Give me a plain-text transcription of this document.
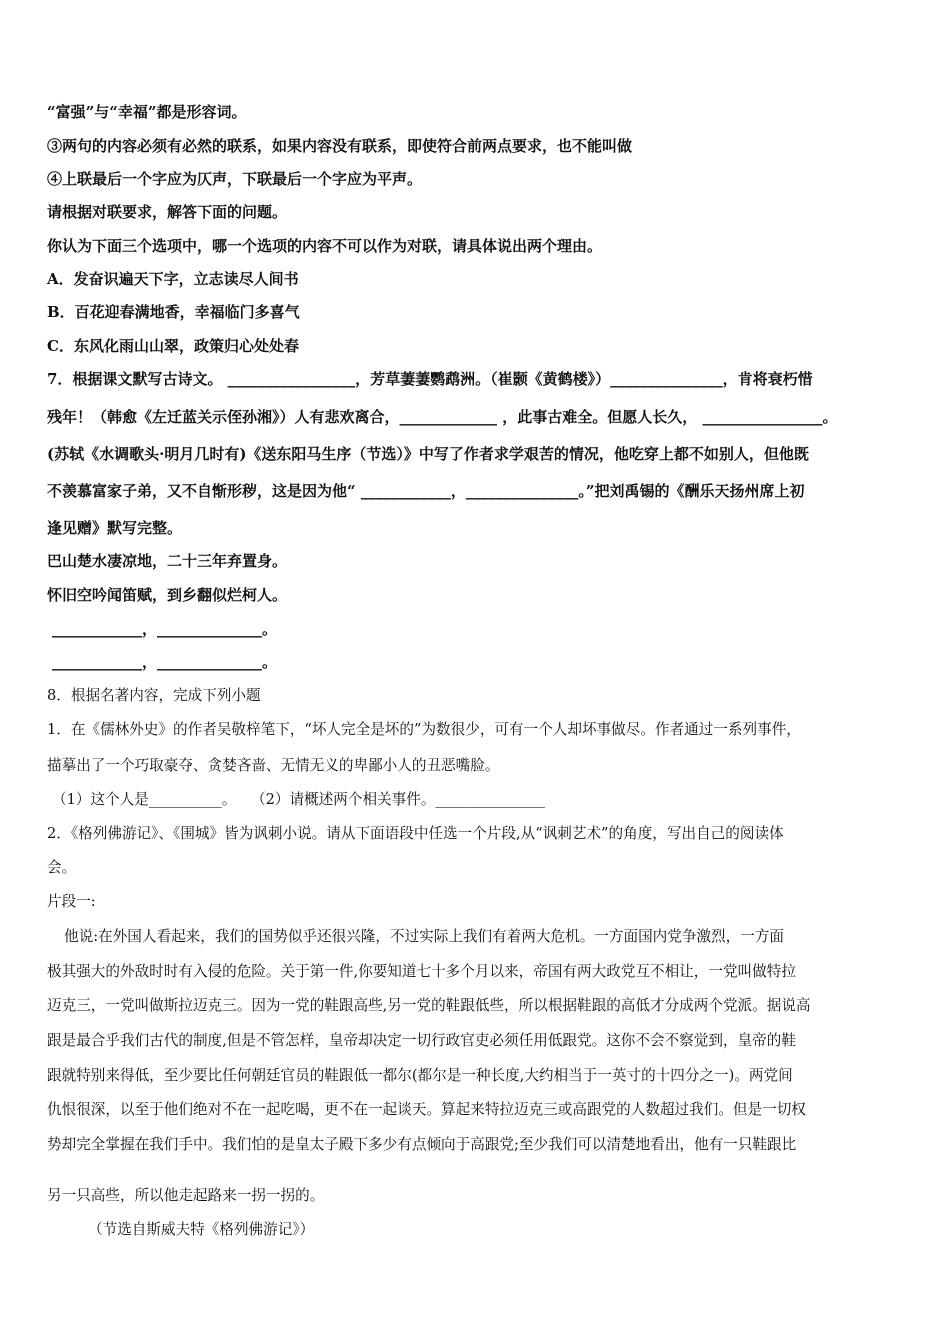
“富强”与“幸福”都是形容词。
③两句的内容必须有必然的联系，如果内容没有联系，即使符合前两点要求，也不能叫做
④上联最后一个字应为仄声，下联最后一个字应为平声。
请根据对联要求，解答下面的问题。
你认为下面三个选项中，哪一个选项的内容不可以作为对联，请具体说出两个理由。
A．发奋识遍天下字，立志读尽人间书
B．百花迎春满地香，幸福临门多喜气
C．东风化雨山山翠，政策归心处处春
7．根据课文默写古诗文。 _________________，芳草萋萋鹦鹉洲。（崔颢《黄鹤楼》）_______________，肯将衰朽惜
残年！（韩愈《左迁蓝关示侄孙湘》）人有悲欢离合，_____________ ，此事古难全。但愿人长久， ________________。
(苏轼《水调歌头·明月几时有)《送东阳马生序（节选）》中写了作者求学艰苦的情况，他吃穿上都不如别人，但他既
不羡慕富家子弟，又不自惭形秽，这是因为他“ ____________，_______________。”把刘禹锡的《酬乐天扬州席上初
逢见赠》默写完整。
巴山楚水凄凉地，二十三年弃置身。
怀旧空吟闻笛赋，到乡翻似烂柯人。
____________，______________。
____________，______________。
8．根据名著内容，完成下列小题
1．在《儒林外史》的作者吴敬梓笔下，“坏人完全是坏的”为数很少，可有一个人却坏事做尽。作者通过一系列事件，
描摹出了一个巧取豪夺、贪婪吝啬、无情无义的卑鄙小人的丑恶嘴脸。
（1）这个人是__________。　　（2）请概述两个相关事件。_______________
2．《格列佛游记》、《围城》皆为讽刺小说。请从下面语段中任选一个片段,从“讽刺艺术”的角度，写出自己的阅读体
会。
片段一:
他说:在外国人看起来，我们的国势似乎还很兴隆，不过实际上我们有着两大危机。一方面国内党争激烈，一方面
极其强大的外敌时时有入侵的危险。关于第一件,你要知道七十多个月以来，帝国有两大政党互不相让，一党叫做特拉
迈克三，一党叫做斯拉迈克三。因为一党的鞋跟高些,另一党的鞋跟低些，所以根据鞋跟的高低才分成两个党派。据说高
跟是最合乎我们古代的制度,但是不管怎样，皇帝却决定一切行政官吏必须任用低跟党。这你不会不察觉到，皇帝的鞋
跟就特别来得低，至少要比任何朝廷官员的鞋跟低一都尔(都尔是一种长度,大约相当于一英寸的十四分之一)。两党间
仇恨很深，以至于他们绝对不在一起吃喝，更不在一起谈天。算起来特拉迈克三或高跟党的人数超过我们。但是一切权
势却完全掌握在我们手中。我们怕的是皇太子殿下多少有点倾向于高跟党;至少我们可以清楚地看出，他有一只鞋跟比
另一只高些，所以他走起路来一拐一拐的。
（节选自斯威夫特《格列佛游记》）
